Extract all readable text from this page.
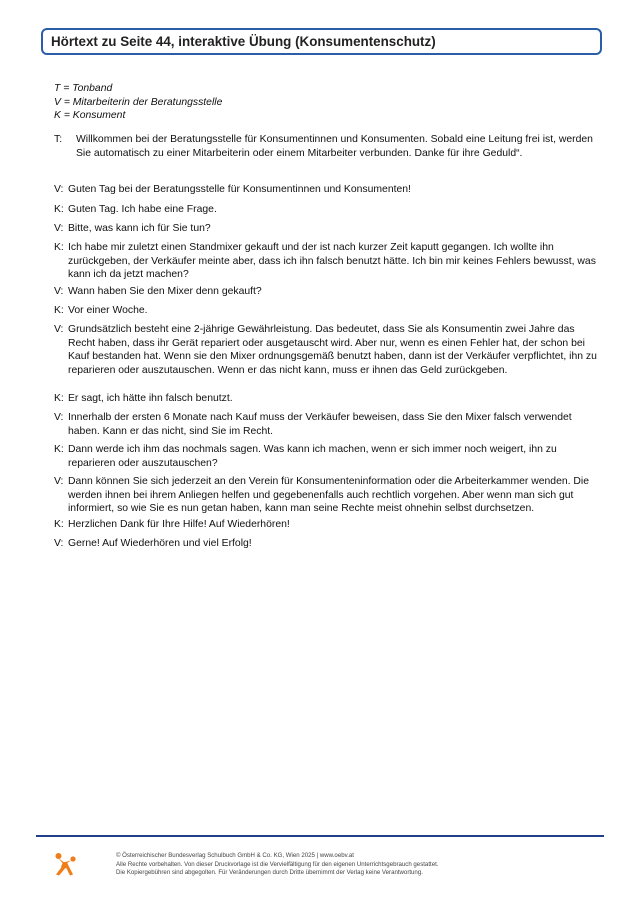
Hörtext zu Seite 44, interaktive Übung (Konsumentenschutz)
T = Tonband
V = Mitarbeiterin der Beratungsstelle
K = Konsument
T:	Willkommen bei der Beratungsstelle für Konsumentinnen und Konsumenten. Sobald eine Leitung frei ist, werden Sie automatisch zu einer Mitarbeiterin oder einem Mitarbeiter verbunden. Danke für ihre Geduld“.
V: Guten Tag bei der Beratungsstelle für Konsumentinnen und Konsumenten!
K: Guten Tag. Ich habe eine Frage.
V: Bitte, was kann ich für Sie tun?
K: Ich habe mir zuletzt einen Standmixer gekauft und der ist nach kurzer Zeit kaputt gegangen. Ich wollte ihn zurückgeben, der Verkäufer meinte aber, dass ich ihn falsch benutzt hätte. Ich bin mir keines Fehlers bewusst, was kann ich da jetzt machen?
V: Wann haben Sie den Mixer denn gekauft?
K: Vor einer Woche.
V: Grundsätzlich besteht eine 2-jährige Gewährleistung. Das bedeutet, dass Sie als Konsumentin zwei Jahre das Recht haben, dass ihr Gerät repariert oder ausgetauscht wird. Aber nur, wenn es einen Fehler hat, der schon bei Kauf bestanden hat. Wenn sie den Mixer ordnungsgemäß benutzt haben, dann ist der Verkäufer verpflichtet, ihn zu reparieren oder auszutauschen. Wenn er das nicht kann, muss er ihnen das Geld zurückgeben.
K: Er sagt, ich hätte ihn falsch benutzt.
V: Innerhalb der ersten 6 Monate nach Kauf muss der Verkäufer beweisen, dass Sie den Mixer falsch verwendet haben. Kann er das nicht, sind Sie im Recht.
K: Dann werde ich ihm das nochmals sagen. Was kann ich machen, wenn er sich immer noch weigert, ihn zu reparieren oder auszutauschen?
V: Dann können Sie sich jederzeit an den Verein für Konsumenteninformation oder die Arbeiterkammer wenden. Die werden ihnen bei ihrem Anliegen helfen und gegebenenfalls auch rechtlich vorgehen. Aber wenn man sich gut informiert, so wie Sie es nun getan haben, kann man seine Rechte meist ohnehin selbst durchsetzen.
K: Herzlichen Dank für Ihre Hilfe! Auf Wiederhören!
V: Gerne! Auf Wiederhören und viel Erfolg!
© Österreichischer Bundesverlag Schulbuch GmbH & Co. KG, Wien 2025 | www.oebv.at
Alle Rechte vorbehalten. Von dieser Druckvorlage ist die Vervielfältigung für den eigenen Unterrichtsgebrauch gestattet.
Die Kopiergebühren sind abgegolten. Für Veränderungen durch Dritte übernimmt der Verlag keine Verantwortung.
